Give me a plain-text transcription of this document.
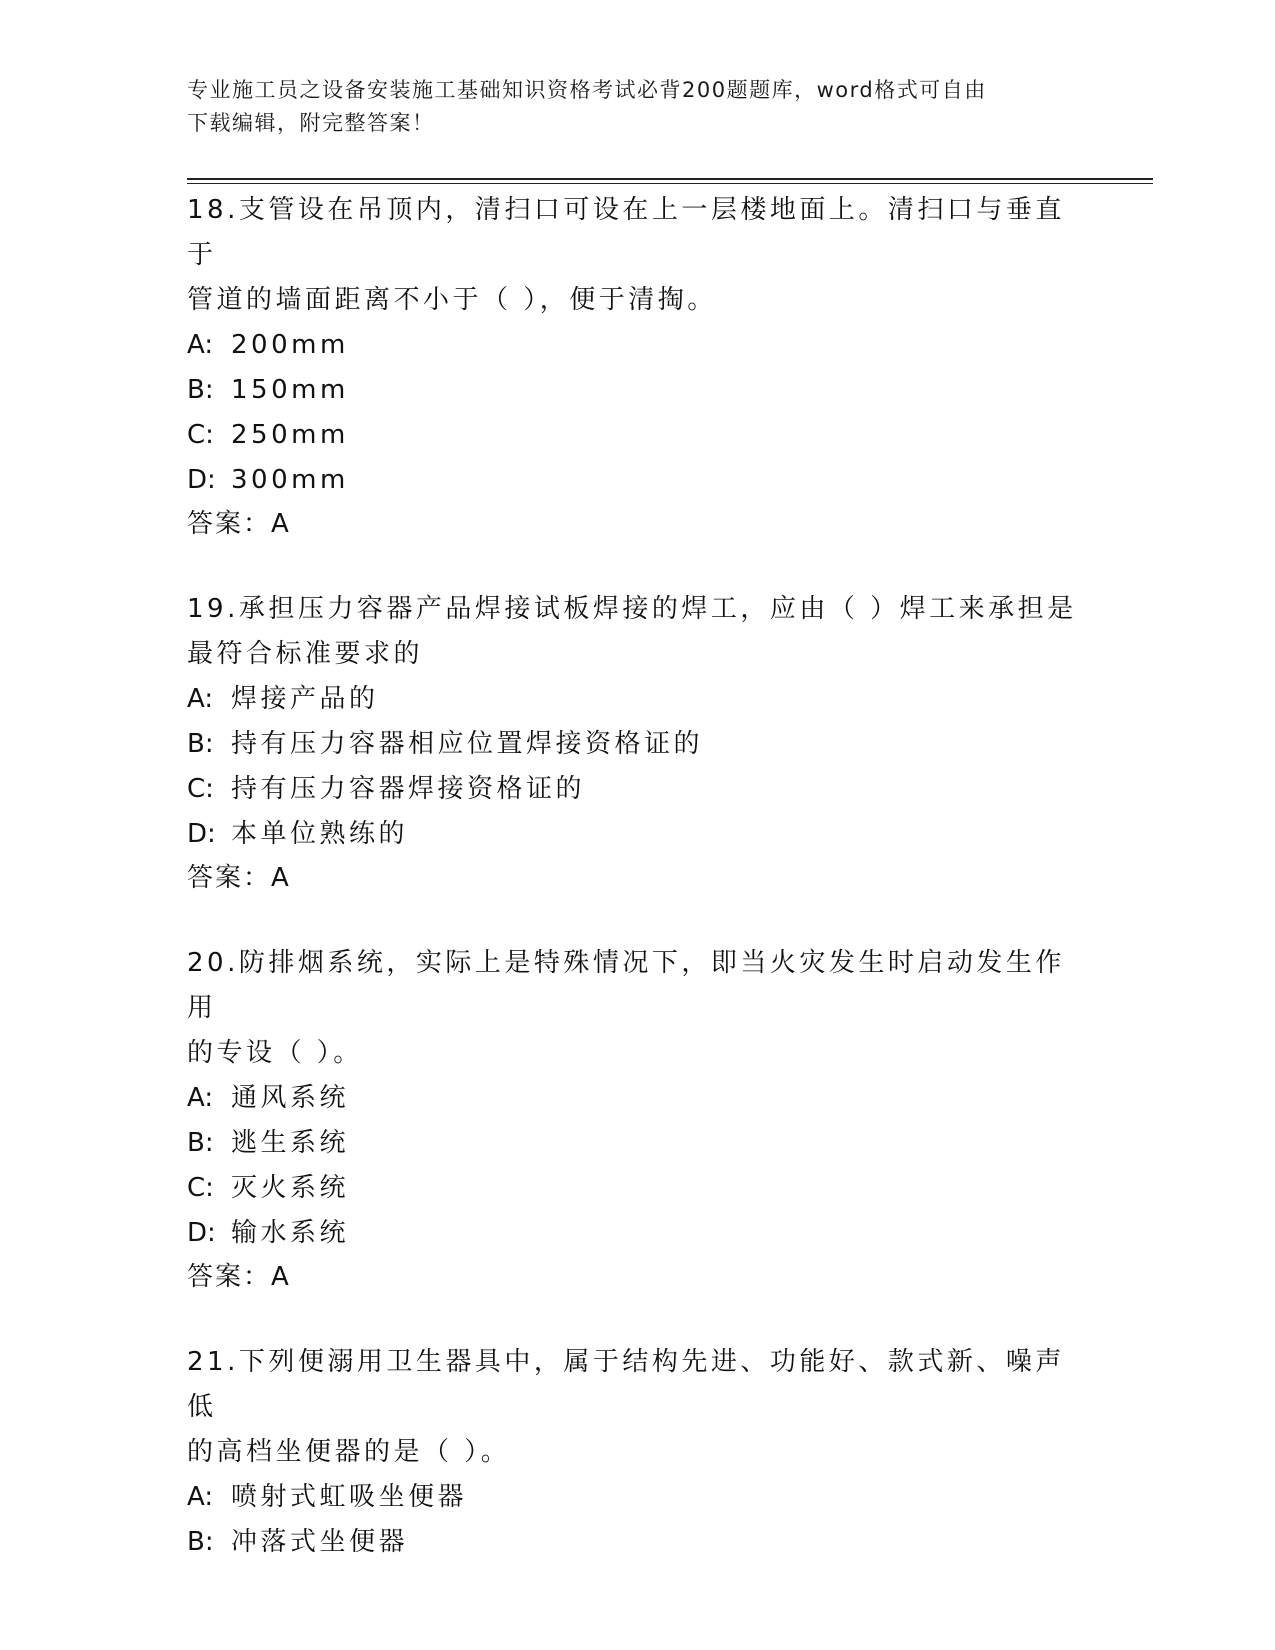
专业施工员之设备安装施工基础知识资格考试必背200题题库，word格式可自由
下载编辑，附完整答案！

18.支管设在吊顶内，清扫口可设在上一层楼地面上。清扫口与垂直于

管道的墙面距离不小于（ ），便于清掏。

A: 200mm

B: 150mm

C: 250mm

D: 300mm

答案：A

19.承担压力容器产品焊接试板焊接的焊工，应由（ ）焊工来承担是

最符合标准要求的

A: 焊接产品的

B: 持有压力容器相应位置焊接资格证的

C: 持有压力容器焊接资格证的

D: 本单位熟练的

答案：A

20.防排烟系统，实际上是特殊情况下，即当火灾发生时启动发生作用

的专设（ ）。

A: 通风系统

B: 逃生系统

C: 灭火系统

D: 输水系统

答案：A

21.下列便溺用卫生器具中，属于结构先进、功能好、款式新、噪声低

的高档坐便器的是（ ）。

A: 喷射式虹吸坐便器

B: 冲落式坐便器
